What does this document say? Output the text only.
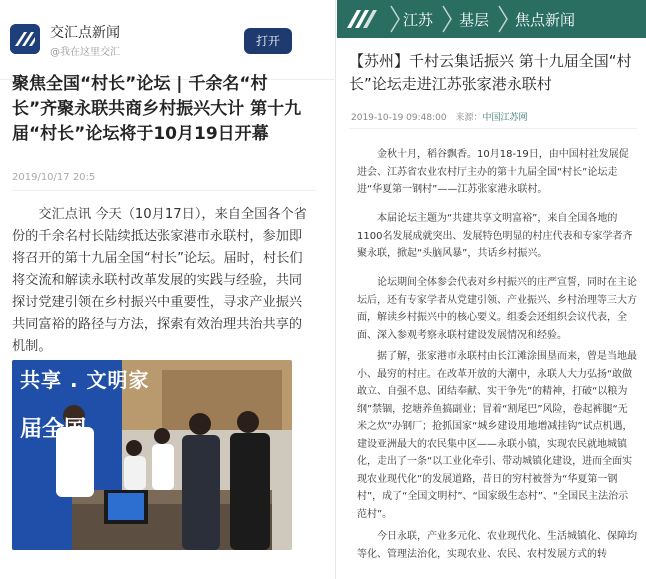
交汇点新闻
@我在这里交汇
打开
聚焦全国“村长”论坛 | 千余名“村长”齐聚永联共商乡村振兴大计 第十九届“村长”论坛将于10月19日开幕
2019/10/17 20:5
交汇点讯 今天（10月17日），来自全国各个省份的千余名村长陆续抵达张家港市永联村，参加即将召开的第十九届全国“村长”论坛。届时，村长们将交流和解读永联村改革发展的实践与经验，共同探讨党建引领在乡村振兴中重要性，寻求产业振兴共同富裕的路径与方法，探索有效治理共治共享的机制。
共享 . 文明家
届全国
江苏 基层 焦点新闻
【苏州】千村云集话振兴 第十九届全国“村长”论坛走进江苏张家港永联村
2019-10-19 09:48:00 来源：中国江苏网
金秋十月，稻谷飘香。10月18-19日，由中国村社发展促进会、江苏省农业农村厅主办的第十九届全国“村长”论坛走进“华夏第一钢村”——江苏张家港永联村。
本届论坛主题为“共建共享文明富裕”，来自全国各地的1100名发展成就突出、发展特色明显的村庄代表和专家学者齐聚永联，掀起“头脑风暴”，共话乡村振兴。
论坛期间全体参会代表对乡村振兴的庄严宣誓，同时在主论坛后，还有专家学者从党建引领、产业振兴、乡村治理等三大方面，解读乡村振兴中的核心要义。组委会还组织会议代表，全面、深入参观考察永联村建设发展情况和经验。
据了解，张家港市永联村由长江滩涂围垦而来，曾是当地最小、最穷的村庄。在改革开放的大潮中，永联人大力弘扬“敢做敢立、自强不息、团结奉献、实干争先”的精神，打破“以粮为纲”禁锢，挖塘养鱼搞副业；冒着“割尾巴”风险，卷起裤腿“无米之炊”办钢厂；抢抓国家“城乡建设用地增减挂钩”试点机遇，建设亚洲最大的农民集中区——永联小镇，实现农民就地城镇化，走出了一条“以工业化牵引、带动城镇化建设，进而全面实现农业现代化”的发展道路，昔日的穷村被誉为“华夏第一钢村”，成了“全国文明村”、“国家级生态村”、“全国民主法治示范村”。
今日永联，产业多元化、农业现代化、生活城镇化、保障均等化、管理法治化，实现农业、农民、农村发展方式的转
